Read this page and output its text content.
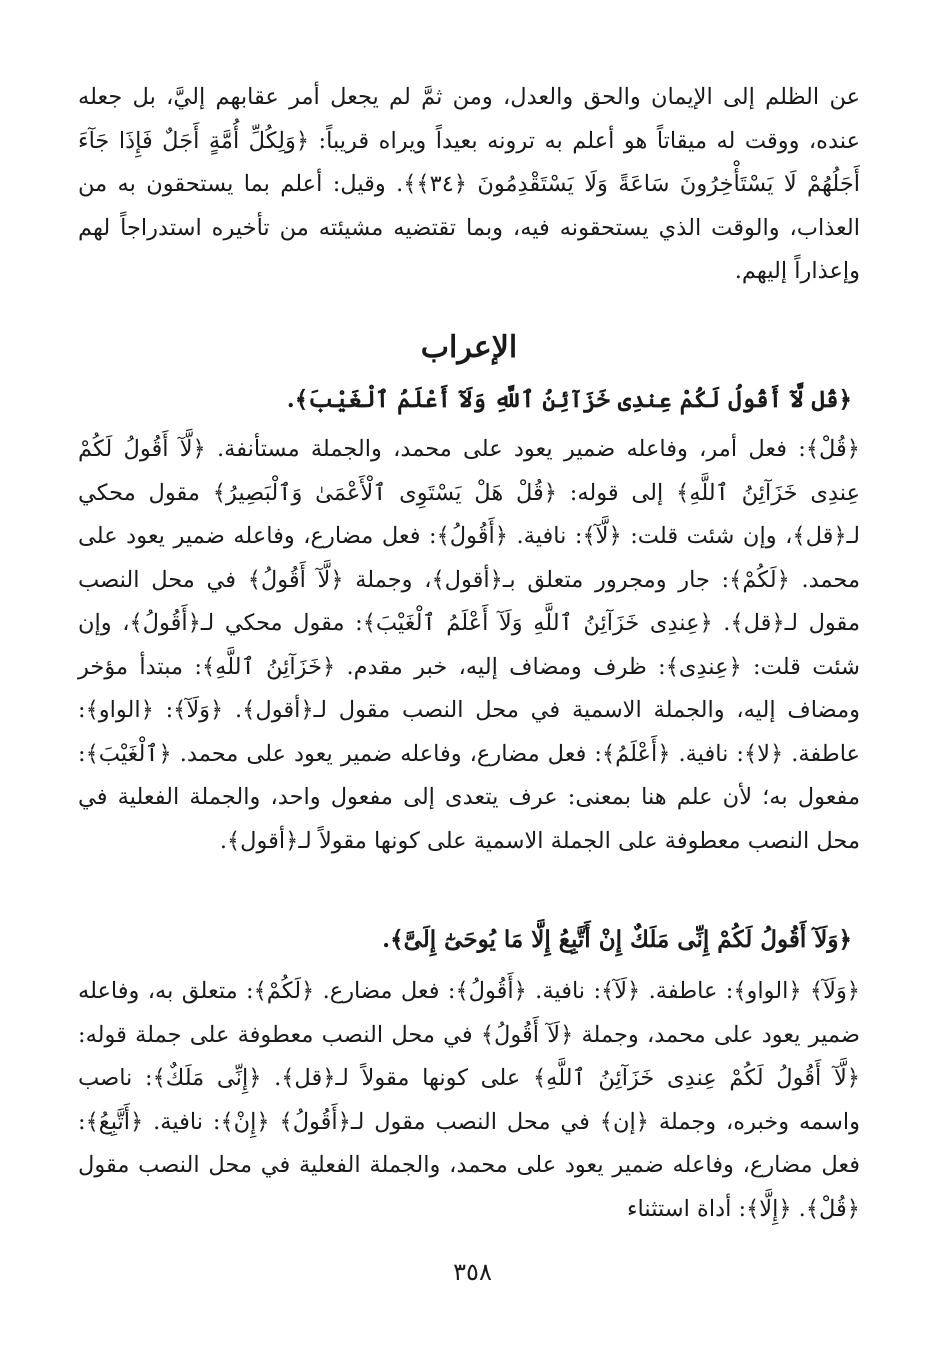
عن الظلم إلى الإيمان والحق والعدل، ومن ثمَّ لم يجعل أمر عقابهم إليَّ، بل جعله عنده، ووقت له ميقاتاً هو أعلم به ترونه بعيداً ويراه قريباً: ﴿وَلِكُلِّ أُمَّةٍ أَجَلٌ فَإِذَا جَآءَ أَجَلُهُمْ لَا يَسْتَأْخِرُونَ سَاعَةً وَلَا يَسْتَقْدِمُونَ ﴿٣٤﴾﴾. وقيل: أعلم بما يستحقون به من العذاب، والوقت الذي يستحقونه فيه، وبما تقتضيه مشيئته من تأخيره استدراجاً لهم وإعذاراً إليهم.

الإعراب
﴿قُل لَّآ أَقُولُ لَكُمْ عِندِى خَزَآئِنُ ٱللَّهِ وَلَآ أَعْلَمُ ٱلْغَيْبَ﴾.

﴿قُلْ﴾: فعل أمر، وفاعله ضمير يعود على محمد، والجملة مستأنفة. ﴿لَّآ أَقُولُ لَكُمْ عِندِى خَزَآئِنُ ٱللَّهِ﴾ إلى قوله: ﴿قُلْ هَلْ يَسْتَوِى ٱلْأَعْمَىٰ وَٱلْبَصِيرُ﴾ مقول محكي لـ﴿قل﴾، وإن شئت قلت: ﴿لَّآ﴾: نافية. ﴿أَقُولُ﴾: فعل مضارع، وفاعله ضمير يعود على محمد. ﴿لَكُمْ﴾: جار ومجرور متعلق بـ﴿أقول﴾، وجملة ﴿لَّآ أَقُولُ﴾ في محل النصب مقول لـ﴿قل﴾. ﴿عِندِى خَزَآئِنُ ٱللَّهِ وَلَآ أَعْلَمُ ٱلْغَيْبَ﴾: مقول محكي لـ﴿أَقُولُ﴾، وإن شئت قلت: ﴿عِندِى﴾: ظرف ومضاف إليه، خبر مقدم. ﴿خَزَآئِنُ ٱللَّهِ﴾: مبتدأ مؤخر ومضاف إليه، والجملة الاسمية في محل النصب مقول لـ﴿أقول﴾. ﴿وَلَآ﴾: ﴿الواو﴾: عاطفة. ﴿لا﴾: نافية. ﴿أَعْلَمُ﴾: فعل مضارع، وفاعله ضمير يعود على محمد. ﴿ٱلْغَيْبَ﴾: مفعول به؛ لأن علم هنا بمعنى: عرف يتعدى إلى مفعول واحد، والجملة الفعلية في محل النصب معطوفة على الجملة الاسمية على كونها مقولاً لـ﴿أقول﴾.

﴿وَلَآ أَقُولُ لَكُمْ إِنِّى مَلَكٌ إِنْ أَتَّبِعُ إِلَّا مَا يُوحَىٰٓ إِلَىَّ﴾.

﴿وَلَآ﴾ ﴿الواو﴾: عاطفة. ﴿لَآ﴾: نافية. ﴿أَقُولُ﴾: فعل مضارع. ﴿لَكُمْ﴾: متعلق به، وفاعله ضمير يعود على محمد، وجملة ﴿لَآ أَقُولُ﴾ في محل النصب معطوفة على جملة قوله: ﴿لَّآ أَقُولُ لَكُمْ عِندِى خَزَآئِنُ ٱللَّهِ﴾ على كونها مقولاً لـ﴿قل﴾. ﴿إِنِّى مَلَكٌ﴾: ناصب واسمه وخبره، وجملة ﴿إن﴾ في محل النصب مقول لـ﴿أَقُولُ﴾ ﴿إِنْ﴾: نافية. ﴿أَتَّبِعُ﴾: فعل مضارع، وفاعله ضمير يعود على محمد، والجملة الفعلية في محل النصب مقول ﴿قُلْ﴾. ﴿إِلَّا﴾: أداة استثناء

٣٥٨
